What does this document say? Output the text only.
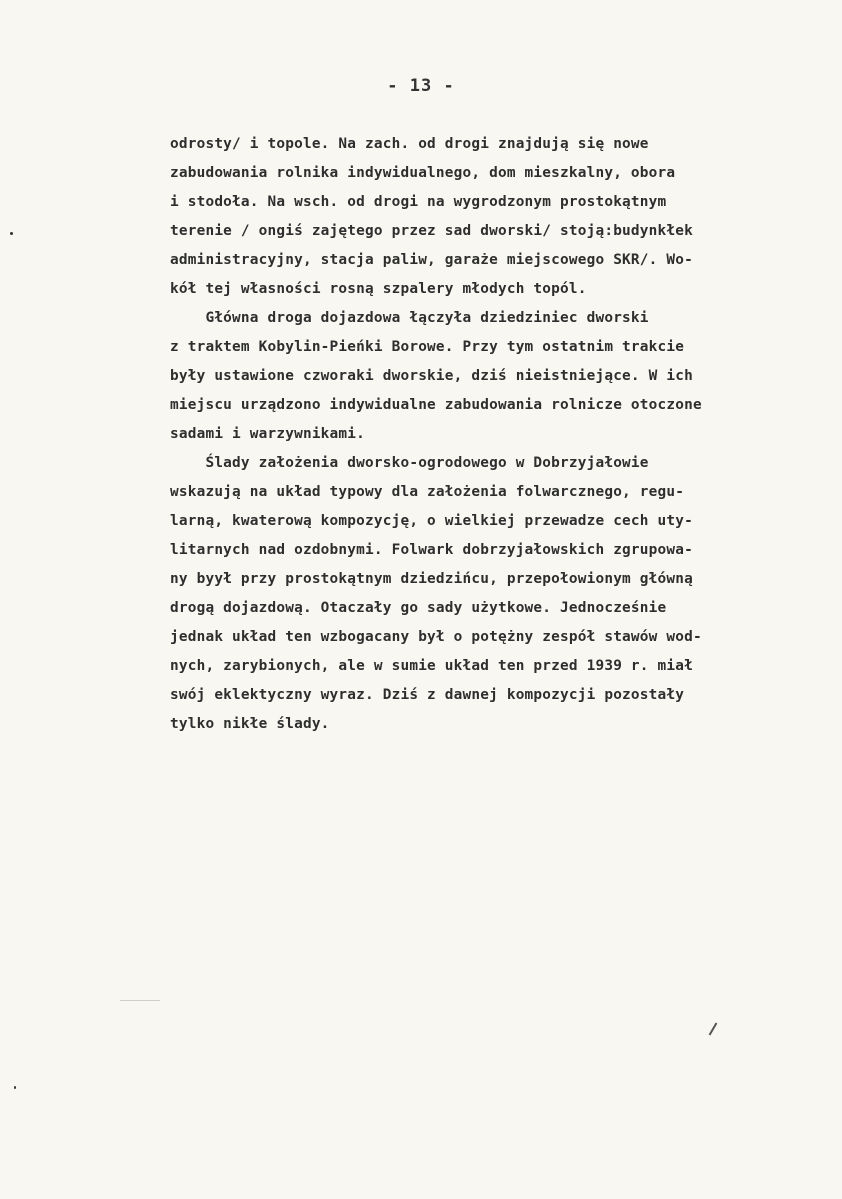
- 13 -
odrosty/ i topole. Na zach. od drogi znajdują się nowe
zabudowania rolnika indywidualnego, dom mieszkalny, obora
i stodoła. Na wsch. od drogi na wygrodzonym prostokątnym
terenie / ongiś zajętego przez sad dworski/ stoją:budynkłek
administracyjny, stacja paliw, garaże miejscowego SKR/. Wo-
kół tej własności rosną szpalery młodych topól.
Główna droga dojazdowa łączyła dziedziniec dworski
z traktem Kobylin-Pieńki Borowe. Przy tym ostatnim trakcie
były ustawione czworaki dworskie, dziś nieistniejące. W ich
miejscu urządzono indywidualne zabudowania rolnicze otoczone
sadami i warzywnikami.
Ślady założenia dworsko-ogrodowego w Dobrzyjałowie
wskazują na układ typowy dla założenia folwarcznego, regu-
larną, kwaterową kompozycję, o wielkiej przewadze cech uty-
litarnych nad ozdobnymi. Folwark dobrzyjałowskich zgrupowa-
ny byył przy prostokątnym dziedzińcu, przepołowionym główną
drogą dojazdową. Otaczały go sady użytkowe. Jednocześnie
jednak układ ten wzbogacany był o potężny zespół stawów wod-
nych, zarybionych, ale w sumie układ ten przed 1939 r. miał
swój eklektyczny wyraz. Dziś z dawnej kompozycji pozostały
tylko nikłe ślady.
